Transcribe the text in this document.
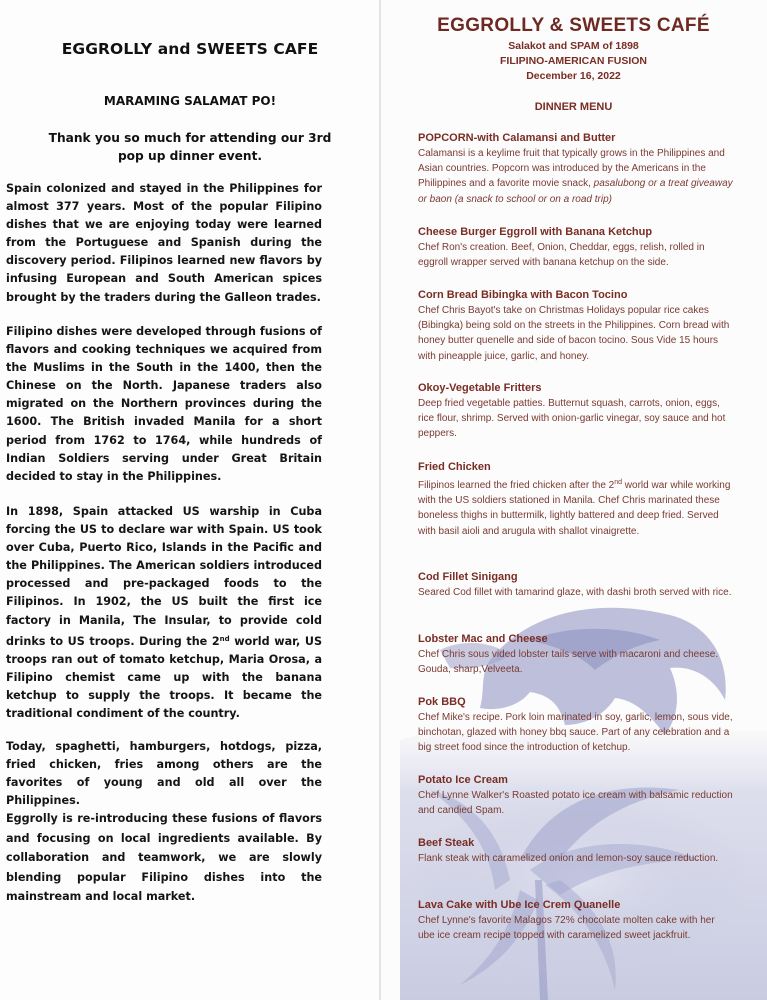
EGGROLLY and SWEETS CAFE
MARAMING SALAMAT PO!
Thank you so much for attending our 3rd pop up dinner event.

Spain colonized and stayed in the Philippines for almost 377 years. Most of the popular Filipino dishes that we are enjoying today were learned from the Portuguese and Spanish during the discovery period. Filipinos learned new flavors by infusing European and South American spices brought by the traders during the Galleon trades.

Filipino dishes were developed through fusions of flavors and cooking techniques we acquired from the Muslims in the South in the 1400, then the Chinese on the North. Japanese traders also migrated on the Northern provinces during the 1600. The British invaded Manila for a short period from 1762 to 1764, while hundreds of Indian Soldiers serving under Great Britain decided to stay in the Philippines.

In 1898, Spain attacked US warship in Cuba forcing the US to declare war with Spain. US took over Cuba, Puerto Rico, Islands in the Pacific and the Philippines. The American soldiers introduced processed and pre-packaged foods to the Filipinos. In 1902, the US built the first ice factory in Manila, The Insular, to provide cold drinks to US troops. During the 2nd world war, US troops ran out of tomato ketchup, Maria Orosa, a Filipino chemist came up with the banana ketchup to supply the troops. It became the traditional condiment of the country.

Today, spaghetti, hamburgers, hotdogs, pizza, fried chicken, fries among others are the favorites of young and old all over the Philippines.

Eggrolly is re-introducing these fusions of flavors and focusing on local ingredients available. By collaboration and teamwork, we are slowly blending popular Filipino dishes into the mainstream and local market.

EGGROLLY & SWEETS CAFÉ
Salakot and SPAM of 1898
FILIPINO-AMERICAN FUSION
December 16, 2022
DINNER MENU
POPCORN-with Calamansi and Butter

Calamansi is a keylime fruit that typically grows in the Philippines and Asian countries. Popcorn was introduced by the Americans in the Philippines and a favorite movie snack, pasalubong or a treat giveaway or baon (a snack to school or on a road trip)

Cheese Burger Eggroll with Banana Ketchup

Chef Ron's creation. Beef, Onion, Cheddar, eggs, relish, rolled in eggroll wrapper served with banana ketchup on the side.

Corn Bread Bibingka with Bacon Tocino

Chef Chris Bayot's take on Christmas Holidays popular rice cakes (Bibingka) being sold on the streets in the Philippines. Corn bread with honey butter quenelle and side of bacon tocino. Sous Vide 15 hours with pineapple juice, garlic, and honey.

Okoy-Vegetable Fritters

Deep fried vegetable patties. Butternut squash, carrots, onion, eggs, rice flour, shrimp. Served with onion-garlic vinegar, soy sauce and hot peppers.

Fried Chicken

Filipinos learned the fried chicken after the 2nd world war while working with the US soldiers stationed in Manila. Chef Chris marinated these boneless thighs in buttermilk, lightly battered and deep fried. Served with basil aioli and arugula with shallot vinaigrette.

Cod Fillet Sinigang

Seared Cod fillet with tamarind glaze, with dashi broth served with rice.

Lobster Mac and Cheese

Chef Chris sous vided lobster tails serve with macaroni and cheese. Gouda, sharp,Velveeta.

Pok BBQ

Chef Mike's recipe. Pork loin marinated in soy, garlic, lemon, sous vide, binchotan, glazed with honey bbq sauce. Part of any celebration and a big street food since the introduction of ketchup.

Potato Ice Cream

Chef Lynne Walker's Roasted potato ice cream with balsamic reduction and candied Spam.

Beef Steak

Flank steak with caramelized onion and lemon-soy sauce reduction.

Lava Cake with Ube Ice Crem Quanelle

Chef Lynne's favorite Malagos 72% chocolate molten cake with her ube ice cream recipe topped with caramelized sweet jackfruit.
